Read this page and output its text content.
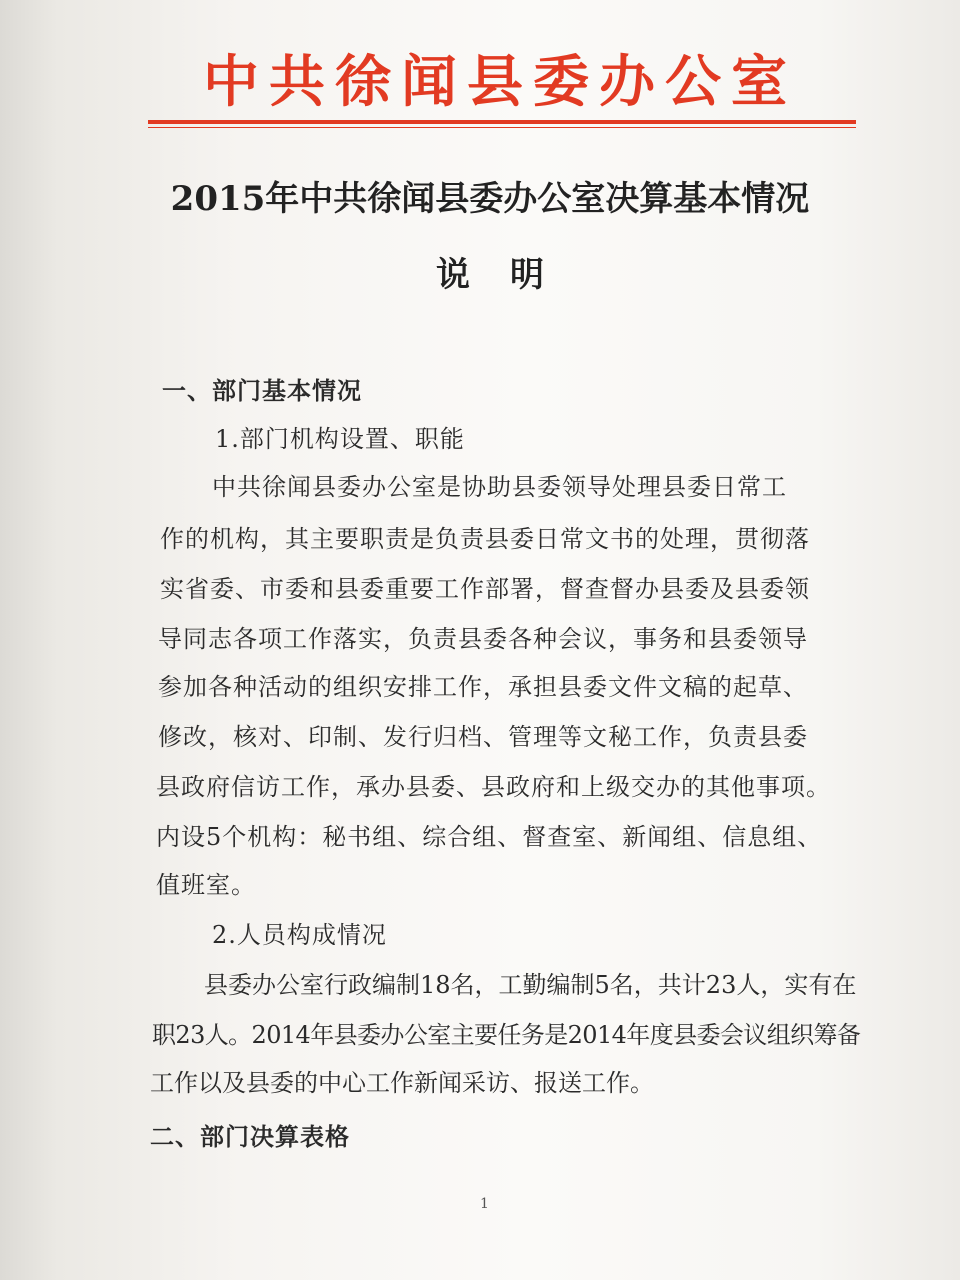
中共徐闻县委办公室
2015年中共徐闻县委办公室决算基本情况
说明
一、部门基本情况
1.部门机构设置、职能
中共徐闻县委办公室是协助县委领导处理县委日常工
作的机构，其主要职责是负责县委日常文书的处理，贯彻落
实省委、市委和县委重要工作部署，督查督办县委及县委领
导同志各项工作落实，负责县委各种会议，事务和县委领导
参加各种活动的组织安排工作，承担县委文件文稿的起草、
修改，核对、印制、发行归档、管理等文秘工作，负责县委
县政府信访工作，承办县委、县政府和上级交办的其他事项。
内设5个机构：秘书组、综合组、督查室、新闻组、信息组、
值班室。
2.人员构成情况
县委办公室行政编制18名，工勤编制5名，共计23人，实有在
职23人。2014年县委办公室主要任务是2014年度县委会议组织筹备
工作以及县委的中心工作新闻采访、报送工作。
二、部门决算表格
1
